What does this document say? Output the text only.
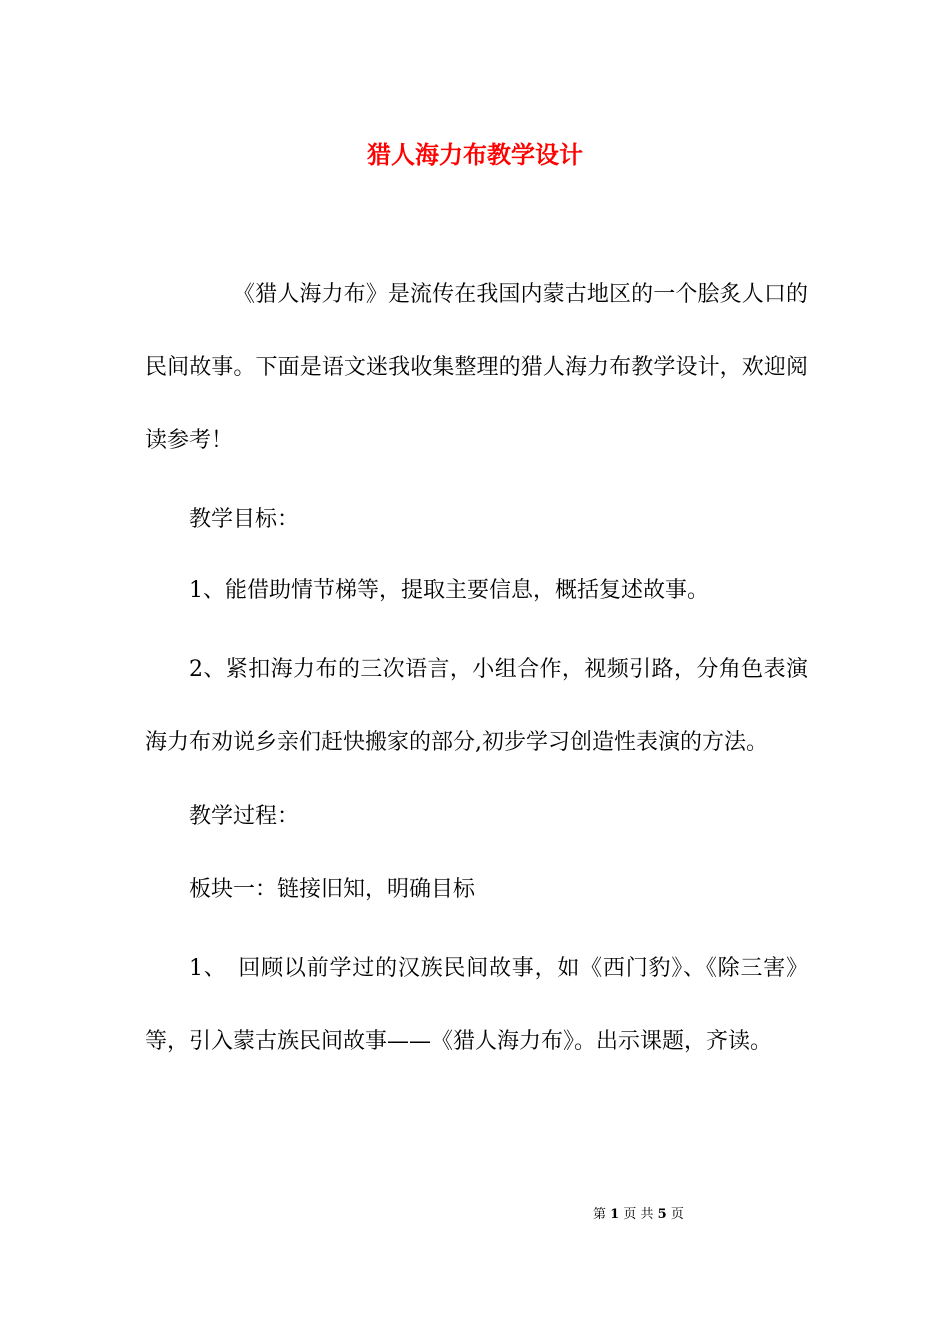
猎人海力布教学设计

《猎人海力布》是流传在我国内蒙古地区的一个脍炙人口的民间故事。下面是语文迷我收集整理的猎人海力布教学设计，欢迎阅读参考！

教学目标：

1、能借助情节梯等，提取主要信息，概括复述故事。

2、紧扣海力布的三次语言，小组合作，视频引路，分角色表演海力布劝说乡亲们赶快搬家的部分,初步学习创造性表演的方法。

教学过程：

板块一：链接旧知，明确目标

1、　回顾以前学过的汉族民间故事，如《西门豹》、《除三害》等，引入蒙古族民间故事——《猎人海力布》。出示课题，齐读。

第 1 页 共 5 页
